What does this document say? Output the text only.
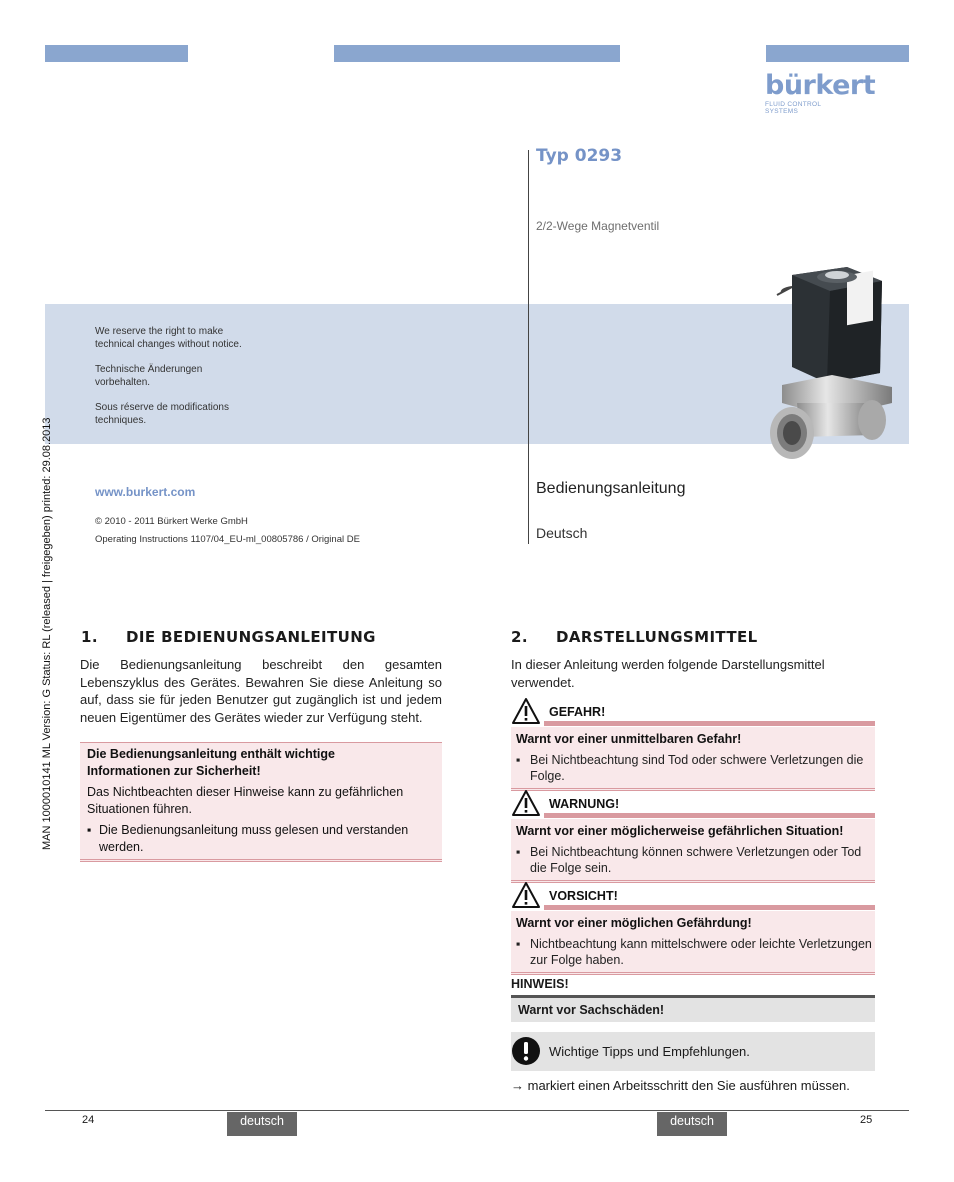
bürkert
FLUID CONTROL SYSTEMS
Typ 0293
2/2-Wege Magnetventil
We reserve the right to make technical changes without notice.
Technische Änderungen vorbehalten.
Sous réserve de modifications techniques.
www.burkert.com
© 2010 - 2011 Bürkert Werke GmbH
Operating Instructions 1107/04_EU-ml_00805786 / Original DE
Bedienungsanleitung
Deutsch
MAN 1000010141 ML Version: G Status: RL (released | freigegeben) printed: 29.08.2013 1. DIE BEDIENUNGSANLEITUNG
Die Bedienungsanleitung beschreibt den gesamten Lebenszyklus des Gerätes. Bewahren Sie diese Anleitung so auf, dass sie für jeden Benutzer gut zugänglich ist und jedem neuen Eigentümer des Gerätes wieder zur Verfügung steht.
Die Bedienungsanleitung enthält wichtige Informationen zur Sicherheit!
Das Nichtbeachten dieser Hinweise kann zu gefährlichen Situationen führen.
▪ Die Bedienungsanleitung muss gelesen und verstanden werden.
2. DARSTELLUNGSMITTEL
In dieser Anleitung werden folgende Darstellungsmittel verwendet.
GEFAHR!
Warnt vor einer unmittelbaren Gefahr!
▪ Bei Nichtbeachtung sind Tod oder schwere Verletzungen die Folge.
WARNUNG!
Warnt vor einer möglicherweise gefährlichen Situation!
▪ Bei Nichtbeachtung können schwere Verletzungen oder Tod die Folge sein.
VORSICHT!
Warnt vor einer möglichen Gefährdung!
▪ Nichtbeachtung kann mittelschwere oder leichte Verletzungen zur Folge haben.
HINWEIS!
Warnt vor Sachschäden!
Wichtige Tipps und Empfehlungen.
→ markiert einen Arbeitsschritt den Sie ausführen müssen.
24	deutsch	deutsch	25
